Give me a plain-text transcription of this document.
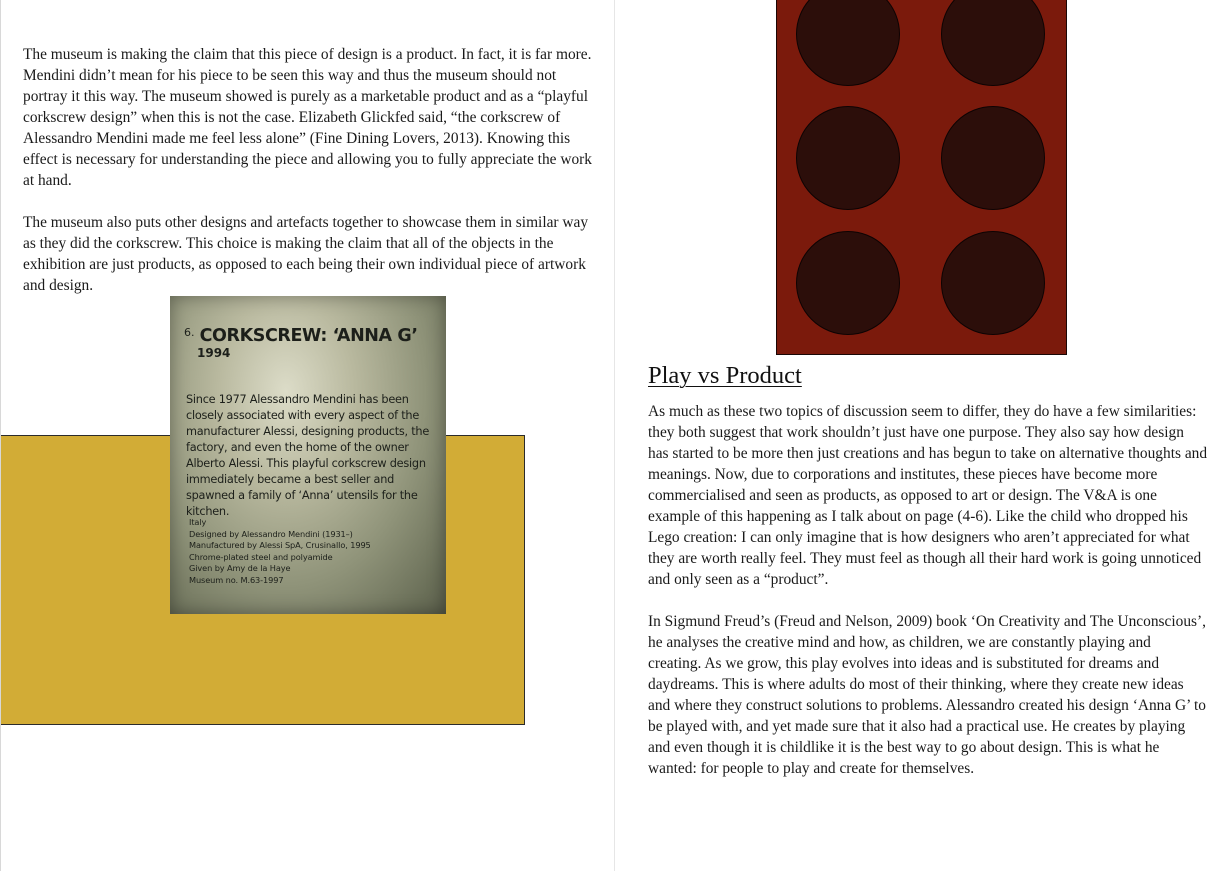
The museum is making the claim that this piece of design is a product. In fact, it is far more. Mendini didn’t mean for his piece to be seen this way and thus the museum should not portray it this way. The museum showed is purely as a marketable product and as a “playful corkscrew design” when this is not the case. Elizabeth Glickfed said, “the corkscrew of Alessandro Mendini made me feel less alone” (Fine Dining Lovers, 2013). Knowing this effect is necessary for understanding the piece and allowing you to fully appreciate the work at hand.

The museum also puts other designs and artefacts together to showcase them in similar way as they did the corkscrew. This choice is making the claim that all of the objects in the exhibition are just products, as opposed to each being their own individual piece of artwork and design.

$^{6.}$ CORKSCREW: ‘ANNA G’
1994

Since 1977 Alessandro Mendini has been closely associated with every aspect of the manufacturer Alessi, designing products, the factory, and even the home of the owner Alberto Alessi. This playful corkscrew design immediately became a best seller and spawned a family of ‘Anna’ utensils for the kitchen.

Italy
Designed by Alessandro Mendini (1931–)
Manufactured by Alessi SpA, Crusinallo, 1995
Chrome-plated steel and polyamide
Given by Amy de la Haye
Museum no. M.63-1997
Play vs Product

As much as these two topics of discussion seem to differ, they do have a few similarities: they both suggest that work shouldn’t just have one purpose. They also say how design has started to be more then just creations and has begun to take on alternative thoughts and meanings. Now, due to corporations and institutes, these pieces have become more commercialised and seen as products, as opposed to art or design. The V&A is one example of this happening as I talk about on page (4-6). Like the child who dropped his Lego creation: I can only imagine that is how designers who aren’t appreciated for what they are worth really feel. They must feel as though all their hard work is going unnoticed and only seen as a “product”.

In Sigmund Freud’s (Freud and Nelson, 2009) book ‘On Creativity and The Unconscious’, he analyses the creative mind and how, as children, we are constantly playing and creating. As we grow, this play evolves into ideas and is substituted for dreams and daydreams. This is where adults do most of their thinking, where they create new ideas and where they construct solutions to problems. Alessandro created his design ‘Anna G’ to be played with, and yet made sure that it also had a practical use. He creates by playing and even though it is childlike it is the best way to go about design. This is what he wanted: for people to play and create for themselves.
